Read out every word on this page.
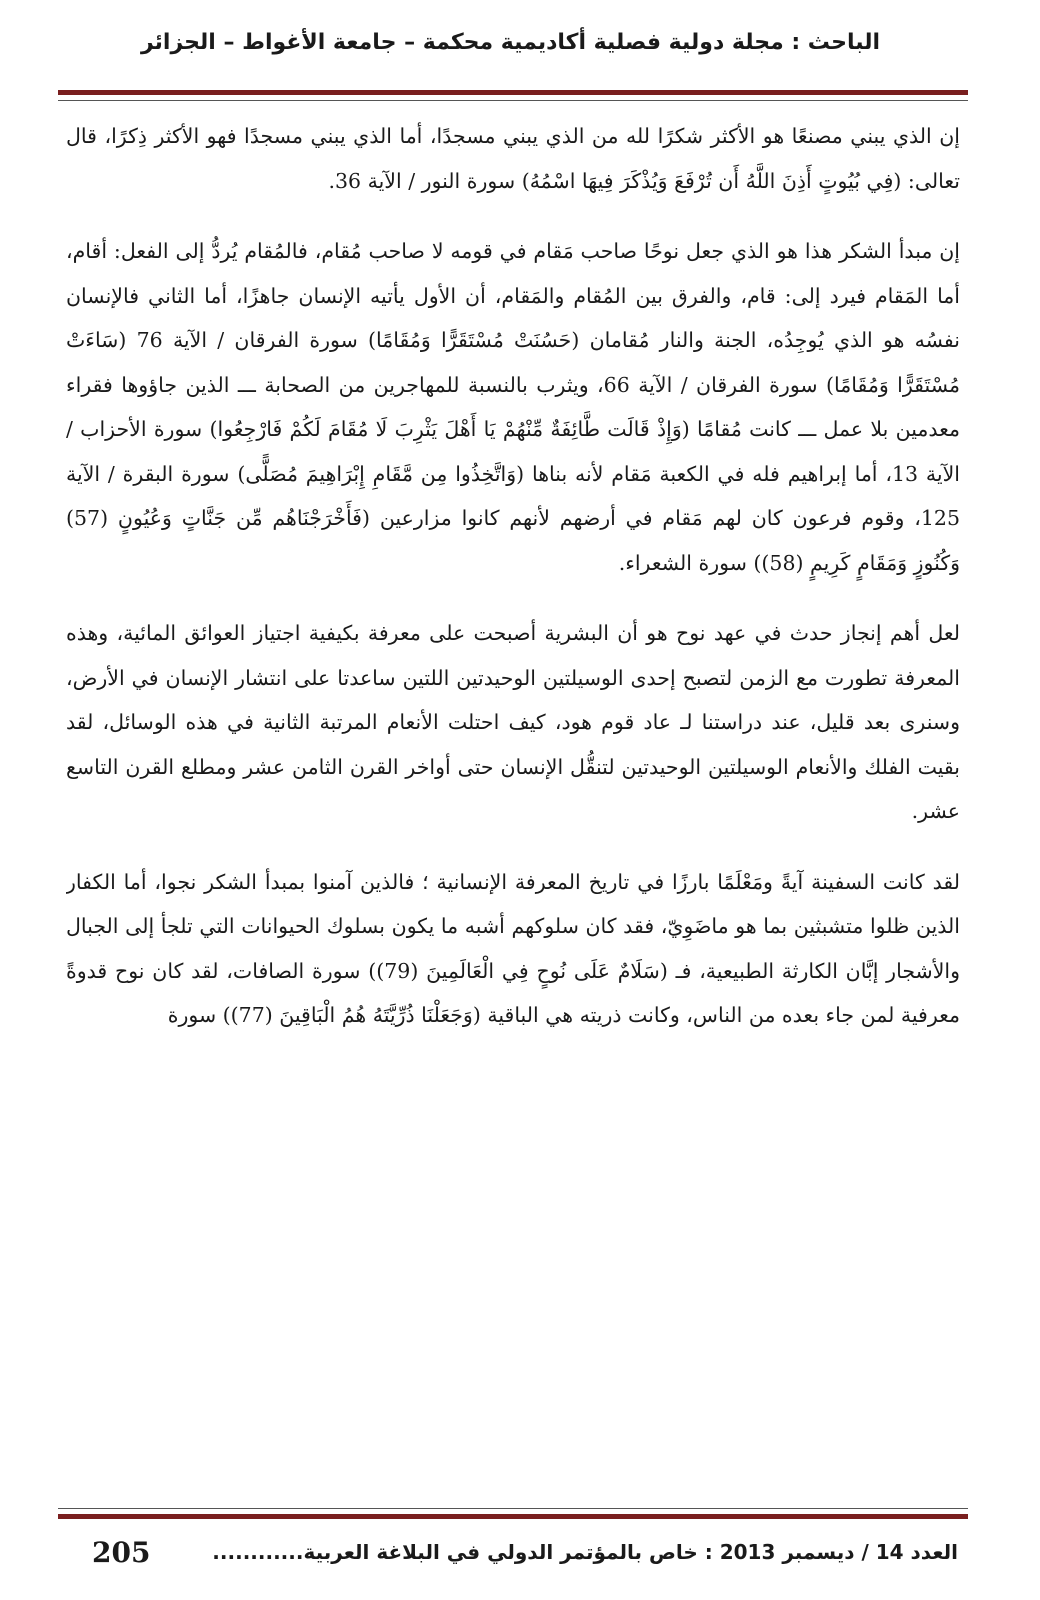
الباحث : مجلة دولية فصلية أكاديمية محكمة – جامعة الأغواط – الجزائر

إن الذي يبني مصنعًا هو الأكثر شكرًا لله من الذي يبني مسجدًا، أما الذي يبني مسجدًا فهو الأكثر ذِكرًا، قال تعالى: (فِي بُيُوتٍ أَذِنَ اللَّهُ أَن تُرْفَعَ وَيُذْكَرَ فِيهَا اسْمُهُ) سورة النور / الآية 36.

إن مبدأ الشكر هذا هو الذي جعل نوحًا صاحب مَقام في قومه لا صاحب مُقام، فالمُقام يُردُّ إلى الفعل: أقام، أما المَقام فيرد إلى: قام، والفرق بين المُقام والمَقام، أن الأول يأتيه الإنسان جاهزًا، أما الثاني فالإنسان نفسُه هو الذي يُوجِدُه، الجنة والنار مُقامان (حَسُنَتْ مُسْتَقَرًّا وَمُقَامًا) سورة الفرقان / الآية 76 (سَاءَتْ مُسْتَقَرًّا وَمُقَامًا) سورة الفرقان / الآية 66، ويثرب بالنسبة للمهاجرين من الصحابة ـــ الذين جاؤوها فقراء معدمين بلا عمل ـــ كانت مُقامًا (وَإِذْ قَالَت طَّائِفَةٌ مِّنْهُمْ يَا أَهْلَ يَثْرِبَ لَا مُقَامَ لَكُمْ فَارْجِعُوا) سورة الأحزاب / الآية 13، أما إبراهيم فله في الكعبة مَقام لأنه بناها (وَاتَّخِذُوا مِن مَّقَامِ إِبْرَاهِيمَ مُصَلًّى) سورة البقرة / الآية 125، وقوم فرعون كان لهم مَقام في أرضهم لأنهم كانوا مزارعين (فَأَخْرَجْنَاهُم مِّن جَنَّاتٍ وَعُيُونٍ (57) وَكُنُوزٍ وَمَقَامٍ كَرِيمٍ (58)) سورة الشعراء.

لعل أهم إنجاز حدث في عهد نوح هو أن البشرية أصبحت على معرفة بكيفية اجتياز العوائق المائية، وهذه المعرفة تطورت مع الزمن لتصبح إحدى الوسيلتين الوحيدتين اللتين ساعدتا على انتشار الإنسان في الأرض، وسنرى بعد قليل، عند دراستنا لـ عاد قوم هود، كيف احتلت الأنعام المرتبة الثانية في هذه الوسائل، لقد بقيت الفلك والأنعام الوسيلتين الوحيدتين لتنقُّل الإنسان حتى أواخر القرن الثامن عشر ومطلع القرن التاسع عشر.

لقد كانت السفينة آيةً ومَعْلَمًا بارزًا في تاريخ المعرفة الإنسانية ؛ فالذين آمنوا بمبدأ الشكر نجوا، أما الكفار الذين ظلوا متشبثين بما هو ماضَوِيّ، فقد كان سلوكهم أشبه ما يكون بسلوك الحيوانات التي تلجأ إلى الجبال والأشجار إبَّان الكارثة الطبيعية، فـ (سَلَامٌ عَلَى نُوحٍ فِي الْعَالَمِينَ (79)) سورة الصافات، لقد كان نوح قدوةً معرفية لمن جاء بعده من الناس، وكانت ذريته هي الباقية (وَجَعَلْنَا ذُرِّيَّتَهُ هُمُ الْبَاقِينَ (77)) سورة

العدد 14 / ديسمبر 2013 : خاص بالمؤتمر الدولي في البلاغة العربية............
205
